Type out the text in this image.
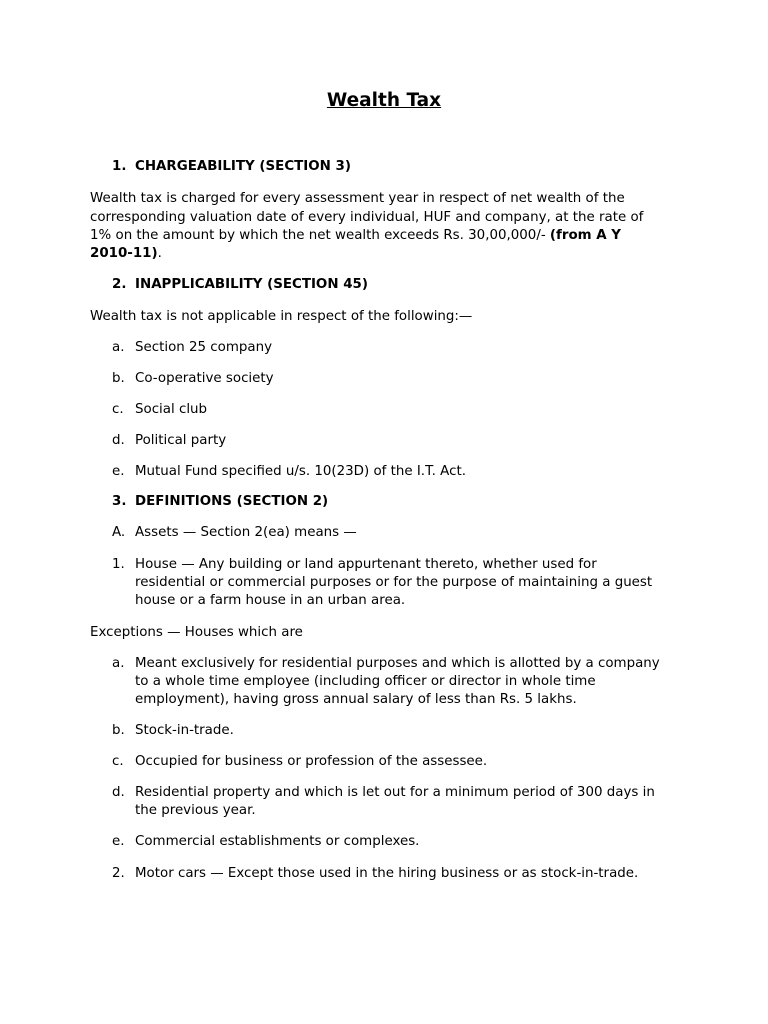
Wealth Tax
1. CHARGEABILITY (SECTION 3)
Wealth tax is charged for every assessment year in respect of net wealth of the
corresponding valuation date of every individual, HUF and company, at the rate of
1% on the amount by which the net wealth exceeds Rs. 30,00,000/- (from A Y
2010-11).
2. INAPPLICABILITY (SECTION 45)
Wealth tax is not applicable in respect of the following:—
a. Section 25 company
b. Co-operative society
c. Social club
d. Political party
e. Mutual Fund specified u/s. 10(23D) of the I.T. Act.
3. DEFINITIONS (SECTION 2)
A. Assets — Section 2(ea) means —
1. House — Any building or land appurtenant thereto, whether used for
residential or commercial purposes or for the purpose of maintaining a guest
house or a farm house in an urban area.
Exceptions — Houses which are
a. Meant exclusively for residential purposes and which is allotted by a company
to a whole time employee (including officer or director in whole time
employment), having gross annual salary of less than Rs. 5 lakhs.
b. Stock-in-trade.
c. Occupied for business or profession of the assessee.
d. Residential property and which is let out for a minimum period of 300 days in
the previous year.
e. Commercial establishments or complexes.
2. Motor cars — Except those used in the hiring business or as stock-in-trade.
